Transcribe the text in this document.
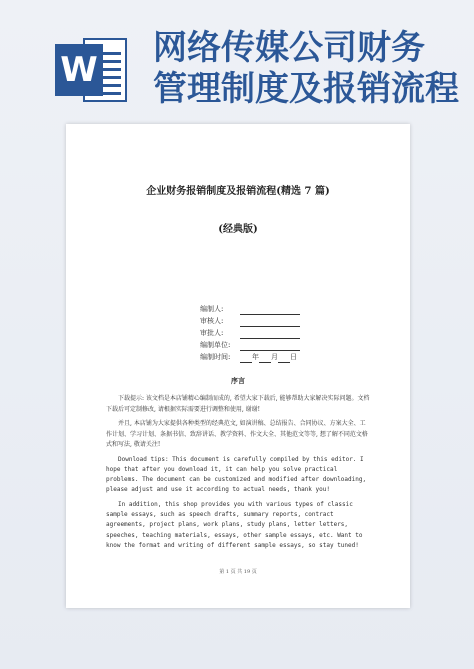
W
网络传媒公司财务
管理制度及报销流程
企业财务报销制度及报销流程(精选 7 篇)
(经典版)
编制人:
审核人:
审批人:
编制单位:
编制时间:	年 月 日
序言

下载提示: 该文档是本店铺精心编制而成的, 希望大家下载后, 能够帮助大家解决实际问题。文档下载后可定制修改, 请根据实际需要进行调整和使用, 谢谢!

并且, 本店铺为大家提供各种类型的经典范文, 如演讲稿、总结报告、合同协议、方案大全、工作计划、学习计划、条据书信、致辞讲话、教学资料、作文大全、其他范文等等, 想了解不同范文格式和写法, 敬请关注!

Download tips: This document is carefully compiled by this editor. I hope that after you download it, it can help you solve practical problems. The document can be customized and modified after downloading, please adjust and use it according to actual needs, thank you!

In addition, this shop provides you with various types of classic sample essays, such as speech drafts, summary reports, contract agreements, project plans, work plans, study plans, letter letters, speeches, teaching materials, essays, other sample essays, etc. Want to know the format and writing of different sample essays, so stay tuned!

第 1 页 共 19 页
